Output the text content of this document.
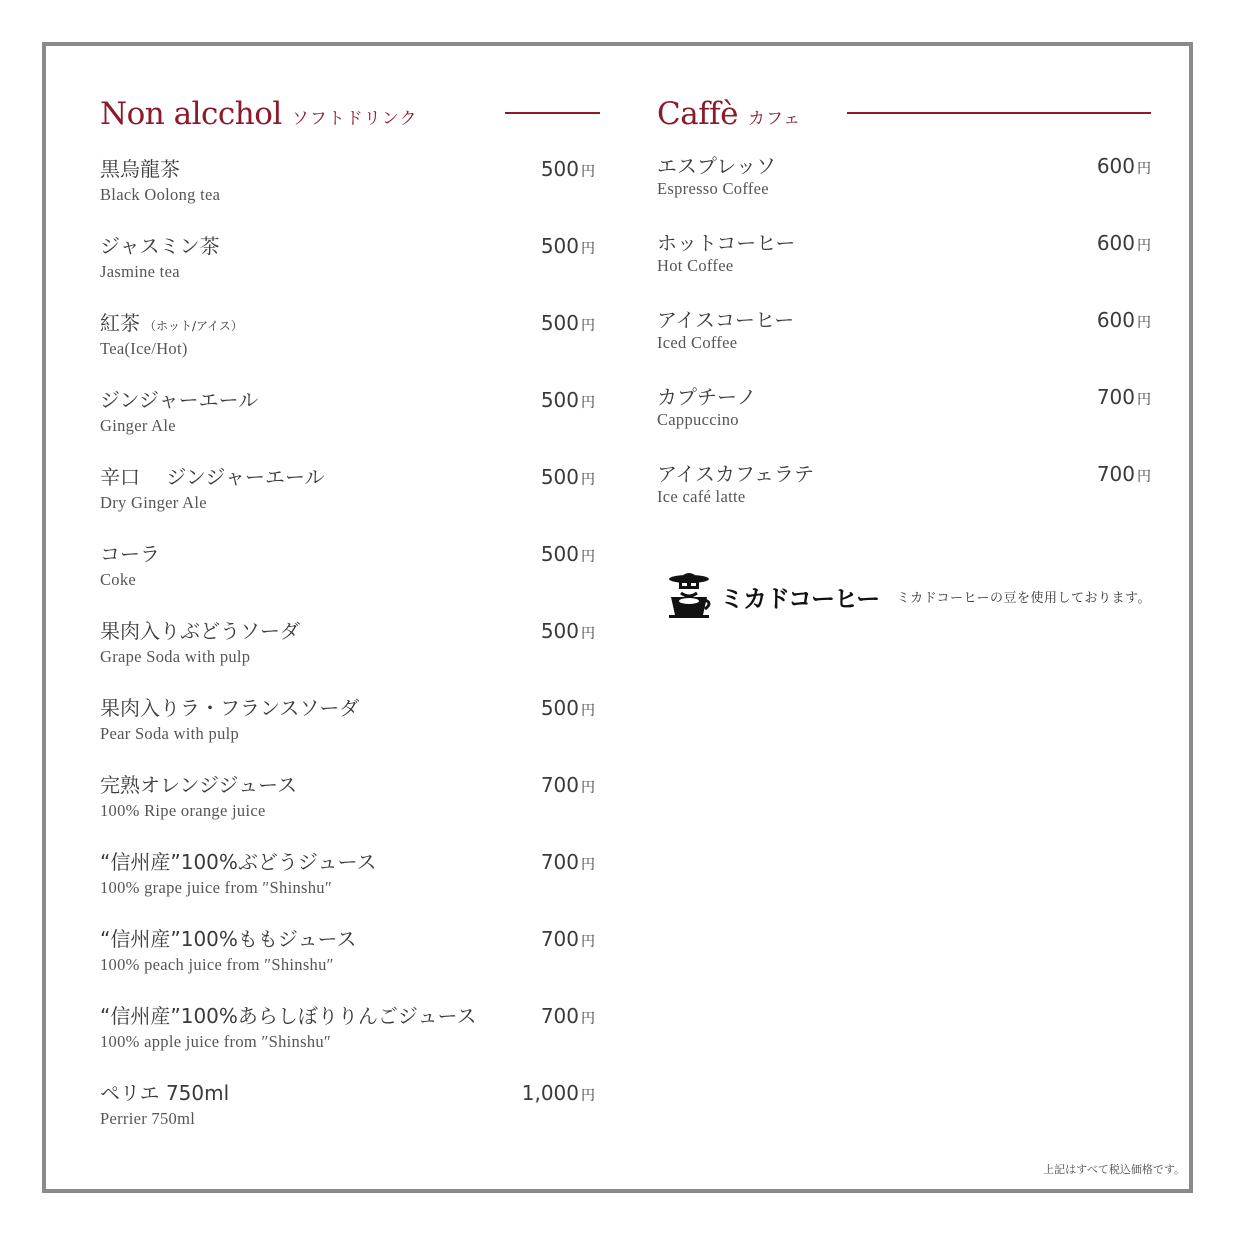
Non alcchol ソフトドリンク
黒烏龍茶
Black Oolong tea
500 円
ジャスミン茶
Jasmine tea
500 円
紅茶 （ホット/アイス）
Tea(Ice/Hot)
500 円
ジンジャーエール
Ginger Ale
500 円
辛口　 ジンジャーエール
Dry Ginger Ale
500 円
コーラ
Coke
500 円
果肉入りぶどうソーダ
Grape Soda with pulp
500 円
果肉入りラ・フランスソーダ
Pear Soda with pulp
500 円
完熟オレンジジュース
100% Ripe orange juice
700 円
“信州産”100%ぶどうジュース
100% grape juice from ″Shinshu″
700 円
“信州産”100%ももジュース
100% peach juice from ″Shinshu″
700 円
“信州産”100%あらしぼりりんごジュース
100% apple juice from ″Shinshu″
700 円
ペリエ 750ml
Perrier 750ml
1,000 円
Caffè カフェ
エスプレッソ
Espresso Coffee
600 円
ホットコーヒー
Hot Coffee
600 円
アイスコーヒー
Iced Coffee
600 円
カプチーノ
Cappuccino
700 円
アイスカフェラテ
Ice café latte
700 円
ミカドコーヒー ミカドコーヒーの豆を使用しております。
上記はすべて税込価格です。
